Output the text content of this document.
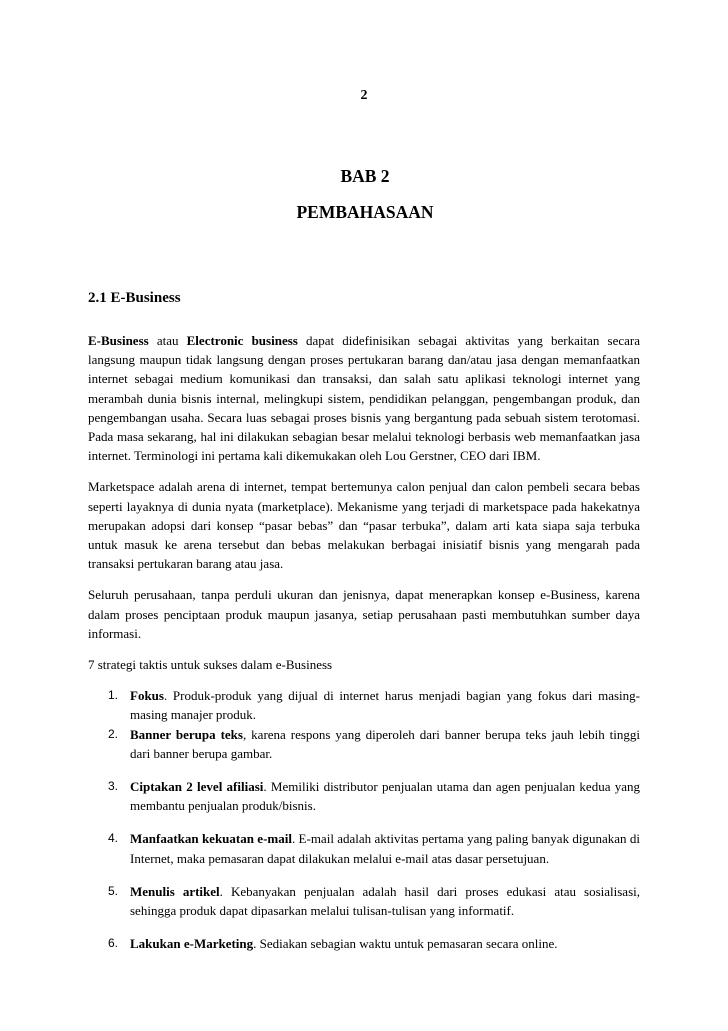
2
BAB 2
PEMBAHASAAN
2.1 E-Business

E-Business atau Electronic business dapat didefinisikan sebagai aktivitas yang berkaitan secara langsung maupun tidak langsung dengan proses pertukaran barang dan/atau jasa dengan memanfaatkan internet sebagai medium komunikasi dan transaksi, dan salah satu aplikasi teknologi internet yang merambah dunia bisnis internal, melingkupi sistem, pendidikan pelanggan, pengembangan produk, dan pengembangan usaha. Secara luas sebagai proses bisnis yang bergantung pada sebuah sistem terotomasi. Pada masa sekarang, hal ini dilakukan sebagian besar melalui teknologi berbasis web memanfaatkan jasa internet. Terminologi ini pertama kali dikemukakan oleh Lou Gerstner, CEO dari IBM.

Marketspace adalah arena di internet, tempat bertemunya calon penjual dan calon pembeli secara bebas seperti layaknya di dunia nyata (marketplace). Mekanisme yang terjadi di marketspace pada hakekatnya merupakan adopsi dari konsep “pasar bebas” dan “pasar terbuka”, dalam arti kata siapa saja terbuka untuk masuk ke arena tersebut dan bebas melakukan berbagai inisiatif bisnis yang mengarah pada transaksi pertukaran barang atau jasa.

Seluruh perusahaan, tanpa perduli ukuran dan jenisnya, dapat menerapkan konsep e-Business, karena dalam proses penciptaan produk maupun jasanya, setiap perusahaan pasti membutuhkan sumber daya informasi.

7 strategi taktis untuk sukses dalam e-Business

1. Fokus. Produk-produk yang dijual di internet harus menjadi bagian yang fokus dari masing-masing manajer produk.
2. Banner berupa teks, karena respons yang diperoleh dari banner berupa teks jauh lebih tinggi dari banner berupa gambar.
3. Ciptakan 2 level afiliasi. Memiliki distributor penjualan utama dan agen penjualan kedua yang membantu penjualan produk/bisnis.
4. Manfaatkan kekuatan e-mail. E-mail adalah aktivitas pertama yang paling banyak digunakan di Internet, maka pemasaran dapat dilakukan melalui e-mail atas dasar persetujuan.
5. Menulis artikel. Kebanyakan penjualan adalah hasil dari proses edukasi atau sosialisasi, sehingga produk dapat dipasarkan melalui tulisan-tulisan yang informatif.
6. Lakukan e-Marketing. Sediakan sebagian waktu untuk pemasaran secara online.
